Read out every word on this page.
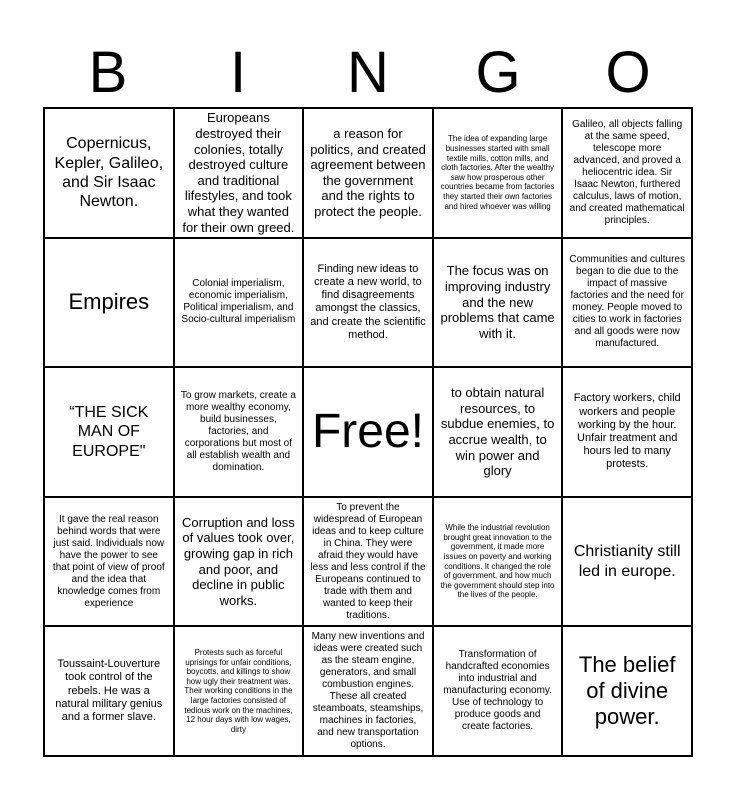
B	I	N	G	O
Copernicus, Kepler, Galileo, and Sir Isaac Newton.
Europeans destroyed their colonies, totally destroyed culture and traditional lifestyles, and took what they wanted for their own greed.
a reason for politics, and created agreement between the government and the rights to protect the people.
The idea of expanding large businesses started with small textile mills, cotton mills, and cloth factories. After the wealthy saw how prosperous other countries became from factories they started their own factories and hired whoever was willing
Galileo, all objects falling at the same speed, telescope more advanced, and proved a heliocentric idea. Sir Isaac Newton, furthered calculus, laws of motion, and created mathematical principles.
Empires
Colonial imperialism, economic imperialism, Political imperialism, and Socio-cultural imperialism
Finding new ideas to create a new world, to find disagreements amongst the classics, and create the scientific method.
The focus was on improving industry and the new problems that came with it.
Communities and cultures began to die due to the impact of massive factories and the need for money. People moved to cities to work in factories and all goods were now manufactured.
“THE SICK MAN OF EUROPE"
To grow markets, create a more wealthy economy, build businesses, factories, and corporations but most of all establish wealth and domination.
Free!
to obtain natural resources, to subdue enemies, to accrue wealth, to win power and glory
Factory workers, child workers and people working by the hour. Unfair treatment and hours led to many protests.
It gave the real reason behind words that were just said. Individuals now have the power to see that point of view of proof and the idea that knowledge comes from experience
Corruption and loss of values took over, growing gap in rich and poor, and decline in public works.
To prevent the widespread of European ideas and to keep culture in China. They were afraid they would have less and less control if the Europeans continued to trade with them and wanted to keep their traditions.
While the industrial revolution brought great innovation to the government, it made more issues on poverty and working conditions. It changed the role of government, and how much the government should step into the lives of the people.
Christianity still led in europe.
Toussaint-Louverture took control of the rebels. He was a natural military genius and a former slave.
Protests such as forceful uprisings for unfair conditions, boycotts, and killings to show how ugly their treatment was. Their working conditions in the large factories consisted of tedious work on the machines, 12 hour days with low wages, dirty
Many new inventions and ideas were created such as the steam engine, generators, and small combustion engines. These all created steamboats, steamships, machines in factories, and new transportation options.
Transformation of handcrafted economies into industrial and manufacturing economy. Use of technology to produce goods and create factories.
The belief of divine power.
